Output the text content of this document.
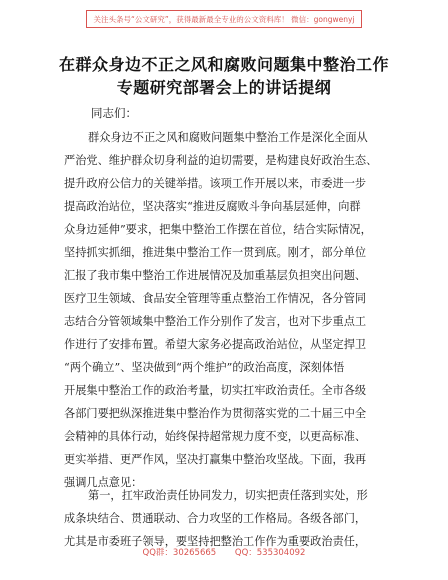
关注头条号“公文研究”，获得最新最全专业的公文资料库！ 微信：gongwenyj
在群众身边不正之风和腐败问题集中整治工作
专题研究部署会上的讲话提纲
同志们：
群众身边不正之风和腐败问题集中整治工作是深化全面从
严治党、维护群众切身利益的迫切需要，是构建良好政治生态、
提升政府公信力的关键举措。该项工作开展以来，市委进一步
提高政治站位，坚决落实“推进反腐败斗争向基层延伸，向群
众身边延伸”要求，把集中整治工作摆在首位，结合实际情况，
坚持抓实抓细，推进集中整治工作一贯到底。刚才，部分单位
汇报了我市集中整治工作进展情况及加重基层负担突出问题、
医疗卫生领域、食品安全管理等重点整治工作情况，各分管同
志结合分管领域集中整治工作分别作了发言，也对下步重点工
作进行了安排布置。希望大家务必提高政治站位，从坚定捍卫
“两个确立”、坚决做到“两个维护”的政治高度，深刻体悟
开展集中整治工作的政治考量，切实扛牢政治责任。全市各级
各部门要把纵深推进集中整治作为贯彻落实党的二十届三中全
会精神的具体行动，始终保持超常规力度不变，以更高标准、
更实举措、更严作风，坚决打赢集中整治攻坚战。下面，我再
强调几点意见：
第一，扛牢政治责任协同发力，切实把责任落到实处，形
成条块结合、贯通联动、合力攻坚的工作格局。各级各部门，
尤其是市委班子领导，要坚持把整治工作作为重要政治责任，
QQ群：30265665 QQ：535304092
